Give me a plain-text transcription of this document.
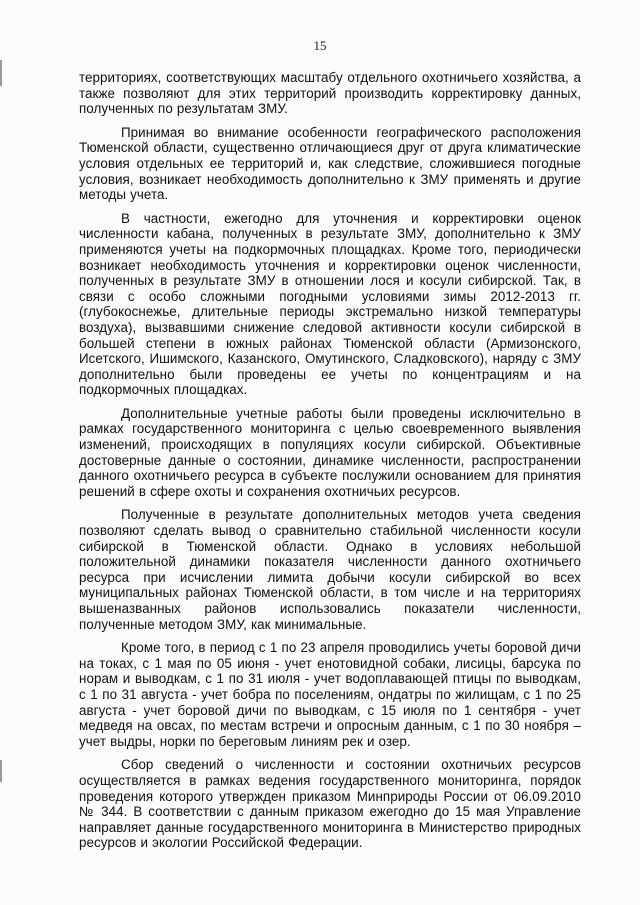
15

территориях, соответствующих масштабу отдельного охотничьего хозяйства, а также позволяют для этих территорий производить корректировку данных, полученных по результатам ЗМУ.

Принимая во внимание особенности географического расположения Тюменской области, существенно отличающиеся друг от друга климатические условия отдельных ее территорий и, как следствие, сложившиеся погодные условия, возникает необходимость дополнительно к ЗМУ применять и другие методы учета.

В частности, ежегодно для уточнения и корректировки оценок численности кабана, полученных в результате ЗМУ, дополнительно к ЗМУ применяются учеты на подкормочных площадках. Кроме того, периодически возникает необходимость уточнения и корректировки оценок численности, полученных в результате ЗМУ в отношении лося и косули сибирской. Так, в связи с особо сложными погодными условиями зимы 2012-2013 гг. (глубокоснежье, длительные периоды экстремально низкой температуры воздуха), вызвавшими снижение следовой активности косули сибирской в большей степени в южных районах Тюменской области (Армизонского, Исетского, Ишимского, Казанского, Омутинского, Сладковского), наряду с ЗМУ дополнительно были проведены ее учеты по концентрациям и на подкормочных площадках.

Дополнительные учетные работы были проведены исключительно в рамках государственного мониторинга с целью своевременного выявления изменений, происходящих в популяциях косули сибирской. Объективные достоверные данные о состоянии, динамике численности, распространении данного охотничьего ресурса в субъекте послужили основанием для принятия решений в сфере охоты и сохранения охотничьих ресурсов.

Полученные в результате дополнительных методов учета сведения позволяют сделать вывод о сравнительно стабильной численности косули сибирской в Тюменской области. Однако в условиях небольшой положительной динамики показателя численности данного охотничьего ресурса при исчислении лимита добычи косули сибирской во всех муниципальных районах Тюменской области, в том числе и на территориях вышеназванных районов использовались показатели численности, полученные методом ЗМУ, как минимальные.

Кроме того, в период с 1 по 23 апреля проводились учеты боровой дичи на токах, с 1 мая по 05 июня - учет енотовидной собаки, лисицы, барсука по норам и выводкам, с 1 по 31 июля - учет водоплавающей птицы по выводкам, с 1 по 31 августа - учет бобра по поселениям, ондатры по жилищам, с 1 по 25 августа - учет боровой дичи по выводкам, с 15 июля по 1 сентября - учет медведя на овсах, по местам встречи и опросным данным, с 1 по 30 ноября – учет выдры, норки по береговым линиям рек и озер.

Сбор сведений о численности и состоянии охотничьих ресурсов осуществляется в рамках ведения государственного мониторинга, порядок проведения которого утвержден приказом Минприроды России от 06.09.2010 № 344. В соответствии с данным приказом ежегодно до 15 мая Управление направляет данные государственного мониторинга в Министерство природных ресурсов и экологии Российской Федерации.
